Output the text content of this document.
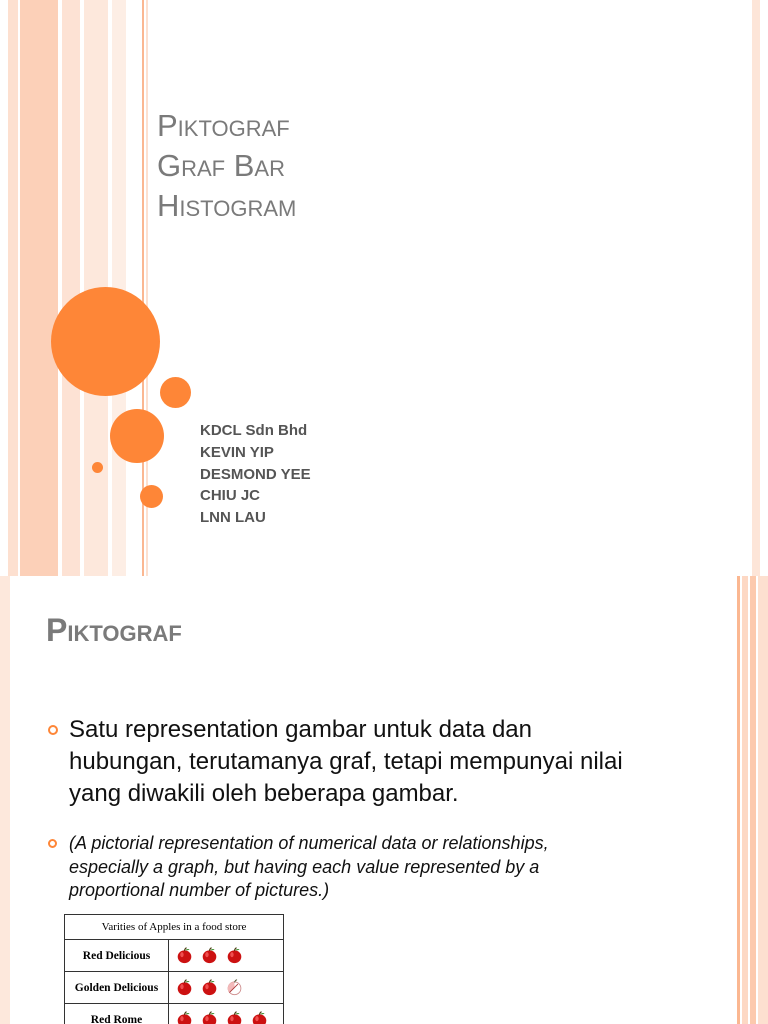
Piktograf
Graf Bar
Histogram
KDCL Sdn Bhd
KEVIN YIP
DESMOND YEE
CHIU JC
LNN LAU
Piktograf
Satu representation gambar untuk data dan hubungan, terutamanya graf, tetapi mempunyai nilai yang diwakili oleh beberapa gambar.
(A pictorial representation of numerical data or relationships, especially a graph, but having each value represented by a proportional number of pictures.)
Varities of Apples in a food store	
Red Delicious	
Golden Delicious	
Red Rome	
